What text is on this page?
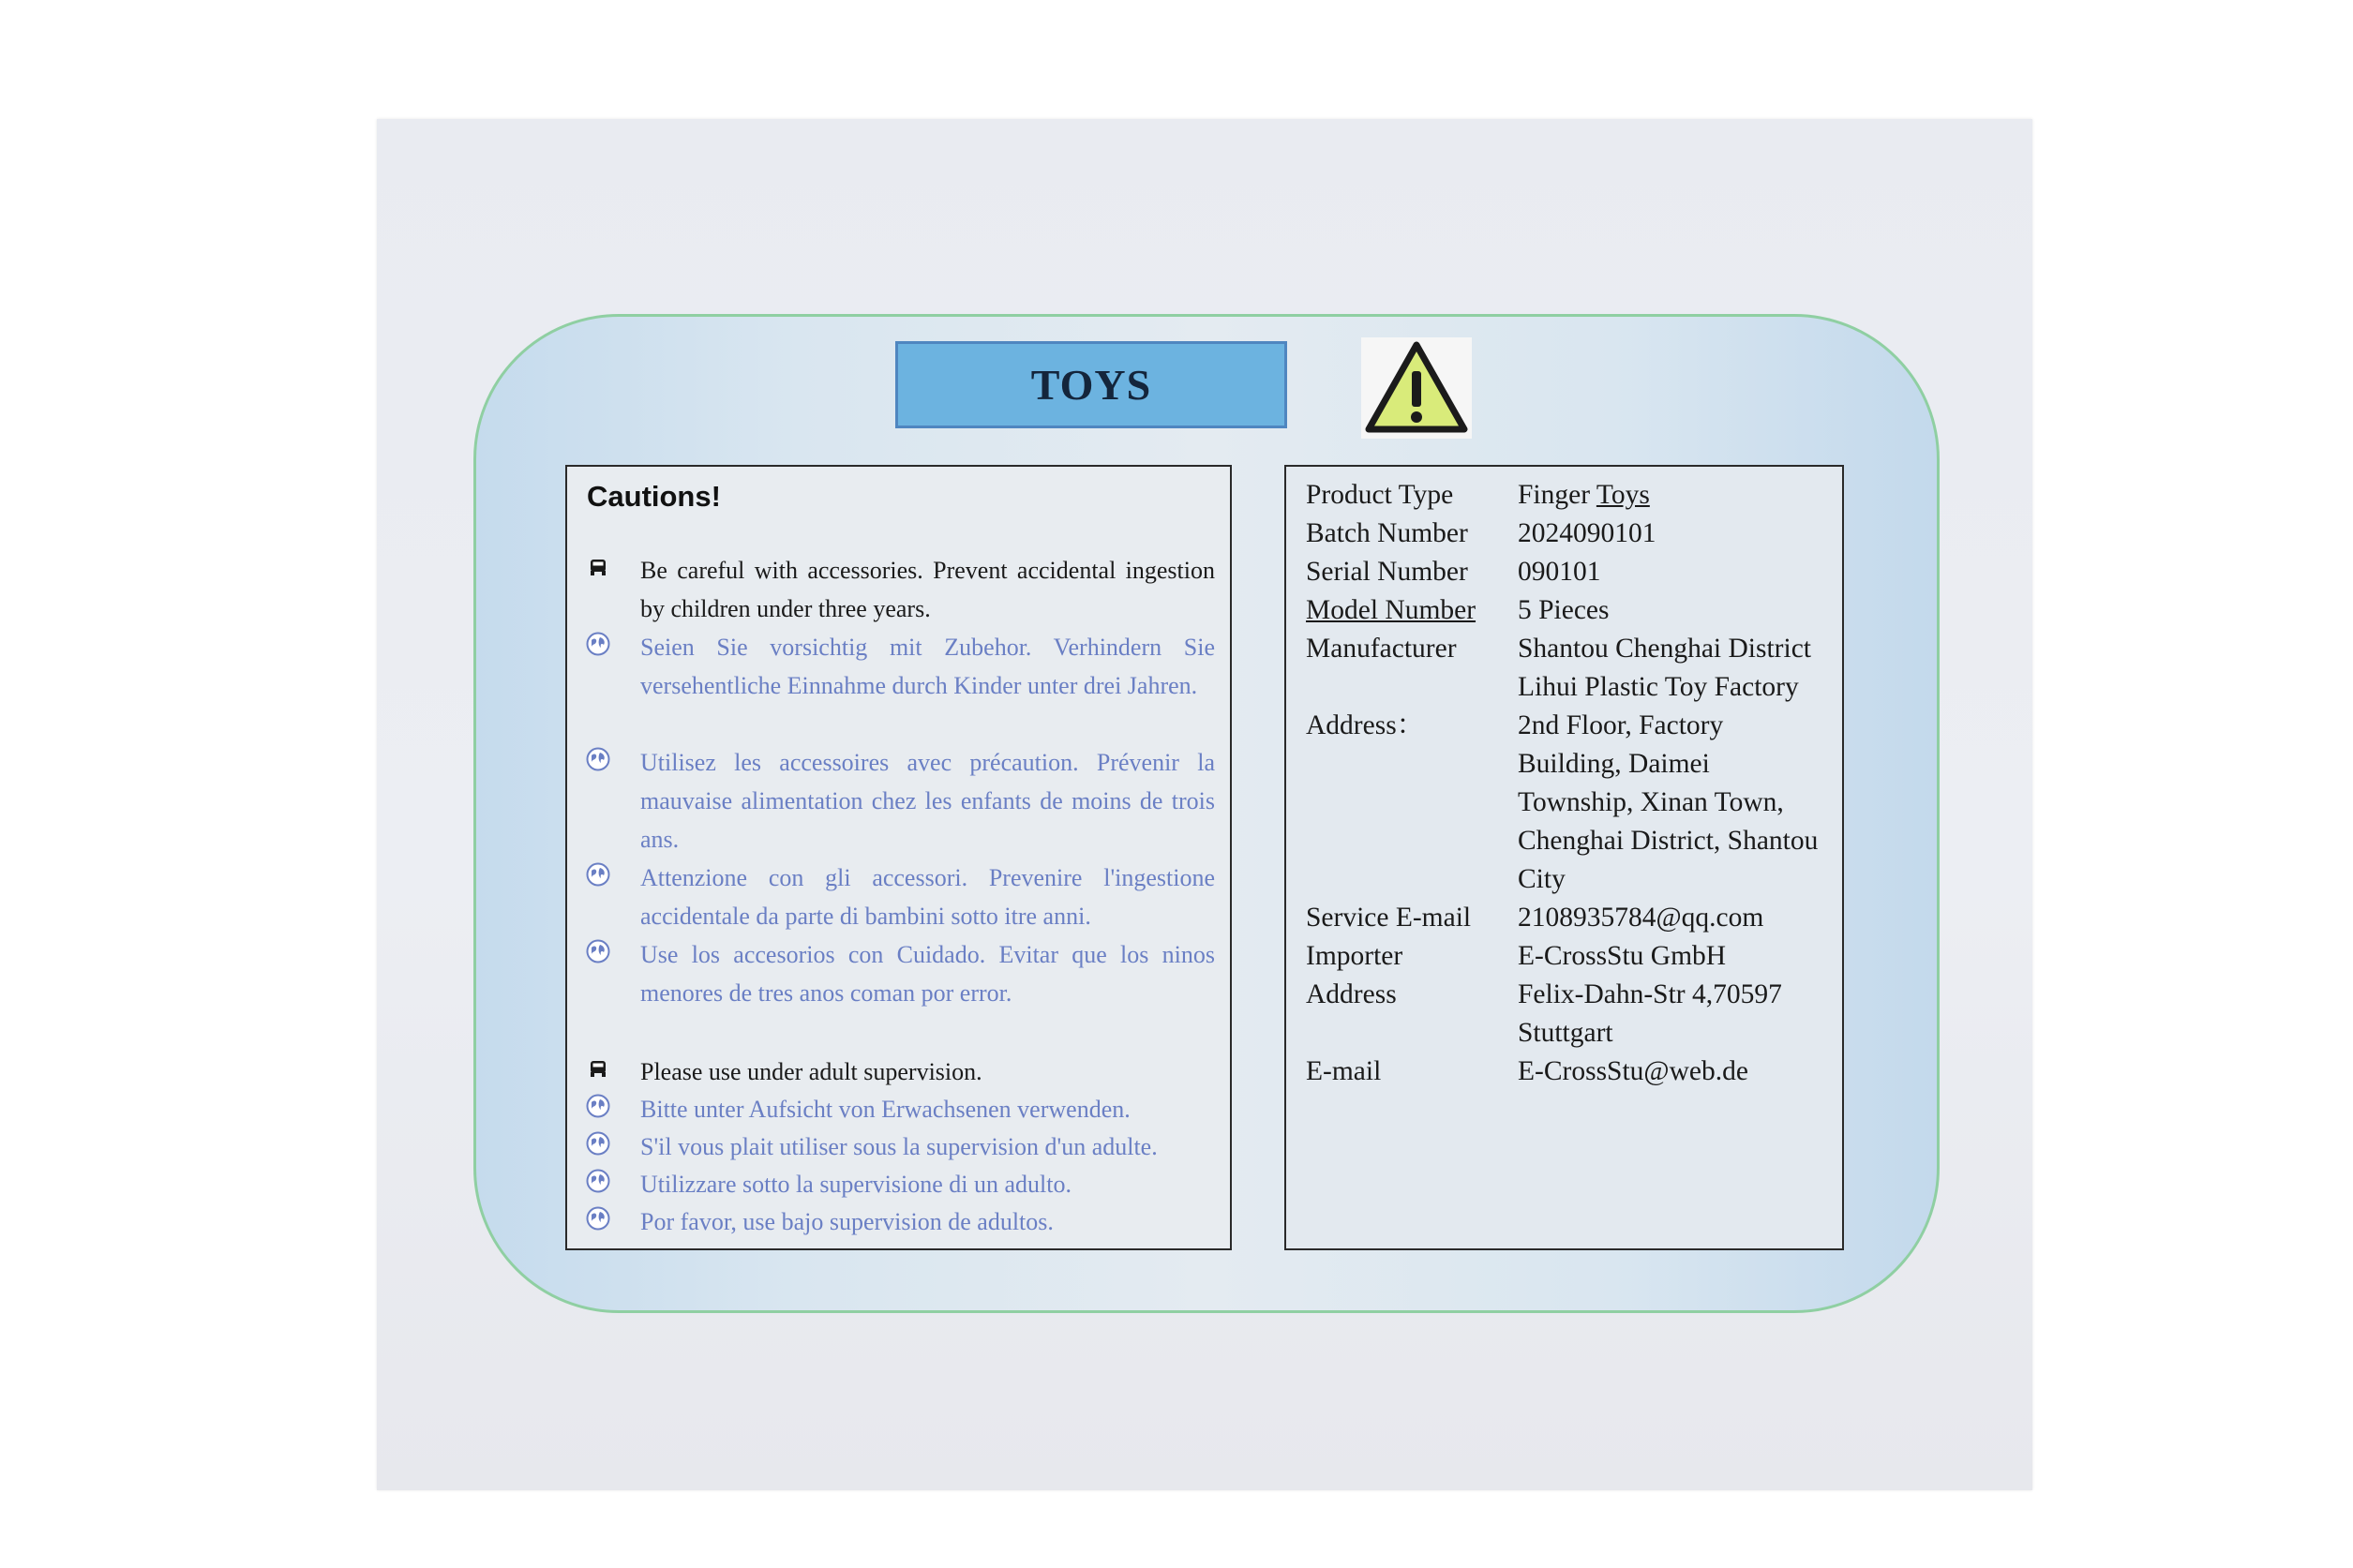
TOYS
Cautions!
Be careful with accessories. Prevent accidental ingestion by children under three years.
Seien Sie vorsichtig mit Zubehor. Verhindern Sie versehentliche Einnahme durch Kinder unter drei Jahren.
Utilisez les accessoires avec précaution. Prévenir la mauvaise alimentation chez les enfants de moins de trois ans.
Attenzione con gli accessori. Prevenire l'ingestione accidentale da parte di bambini sotto itre anni.
Use los accesorios con Cuidado. Evitar que los ninos menores de tres anos coman por error.
Please use under adult supervision.
Bitte unter Aufsicht von Erwachsenen verwenden.
S'il vous plait utiliser sous la supervision d'un adulte.
Utilizzare sotto la supervisione di un adulto.
Por favor, use bajo supervision de adultos.
Product Type	Finger Toys
Batch Number	2024090101
Serial Number	090101
Model Number	5 Pieces
Manufacturer	Shantou Chenghai District Lihui Plastic Toy Factory
Address：	2nd Floor, Factory Building, Daimei Township, Xinan Town, Chenghai District, Shantou City
Service E-mail	2108935784@qq.com
Importer	E-CrossStu GmbH
Address	Felix-Dahn-Str 4,70597 Stuttgart
E-mail	E-CrossStu@web.de
